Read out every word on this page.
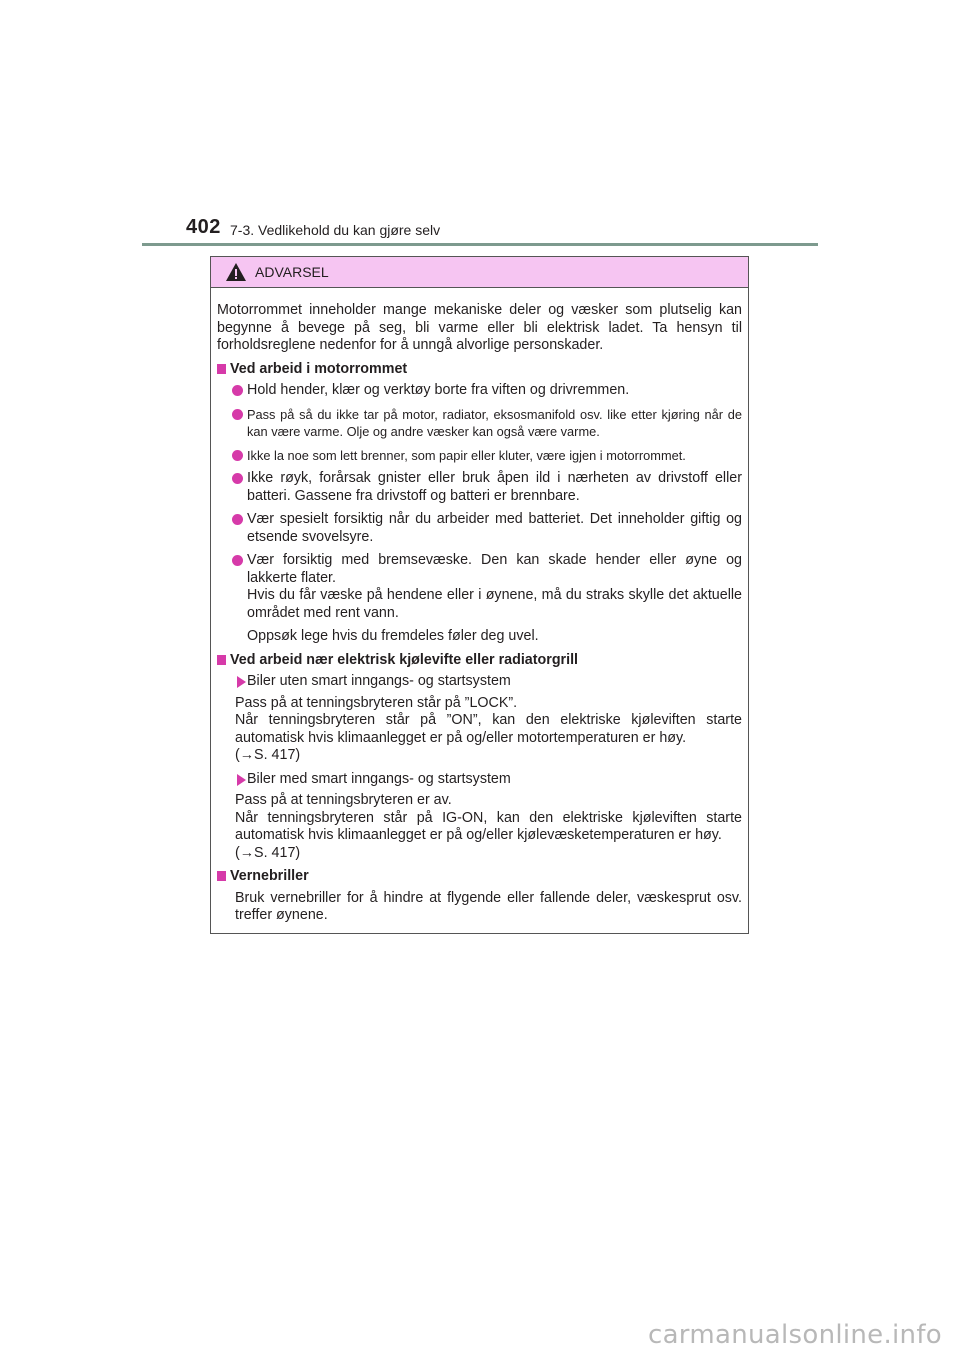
402 7-3. Vedlikehold du kan gjøre selv
ADVARSEL

Motorrommet inneholder mange mekaniske deler og væsker som plutselig kan begynne å bevege på seg, bli varme eller bli elektrisk ladet. Ta hensyn til forholdsreglene nedenfor for å unngå alvorlige personskader.

Ved arbeid i motorrommet
Hold hender, klær og verktøy borte fra viften og drivremmen.
Pass på så du ikke tar på motor, radiator, eksosmanifold osv. like etter kjøring når de kan være varme. Olje og andre væsker kan også være varme.
Ikke la noe som lett brenner, som papir eller kluter, være igjen i motorrommet.
Ikke røyk, forårsak gnister eller bruk åpen ild i nærheten av drivstoff eller batteri. Gassene fra drivstoff og batteri er brennbare.
Vær spesielt forsiktig når du arbeider med batteriet. Det inneholder giftig og etsende svovelsyre.
Vær forsiktig med bremsevæske. Den kan skade hender eller øyne og lakkerte flater.
Hvis du får væske på hendene eller i øynene, må du straks skylle det aktuelle området med rent vann.

Oppsøk lege hvis du fremdeles føler deg uvel.

Ved arbeid nær elektrisk kjølevifte eller radiatorgrill
Biler uten smart inngangs- og startsystem

Pass på at tenningsbryteren står på ”LOCK”.
Når tenningsbryteren står på ”ON”, kan den elektriske kjøleviften starte automatisk hvis klimaanlegget er på og/eller motortemperaturen er høy.
(→S. 417)

Biler med smart inngangs- og startsystem

Pass på at tenningsbryteren er av.
Når tenningsbryteren står på IG-ON, kan den elektriske kjøleviften starte automatisk hvis klimaanlegget er på og/eller kjølevæsketemperaturen er høy.
(→S. 417)

Vernebriller

Bruk vernebriller for å hindre at flygende eller fallende deler, væskesprut osv. treffer øynene.

carmanualsonline.info
